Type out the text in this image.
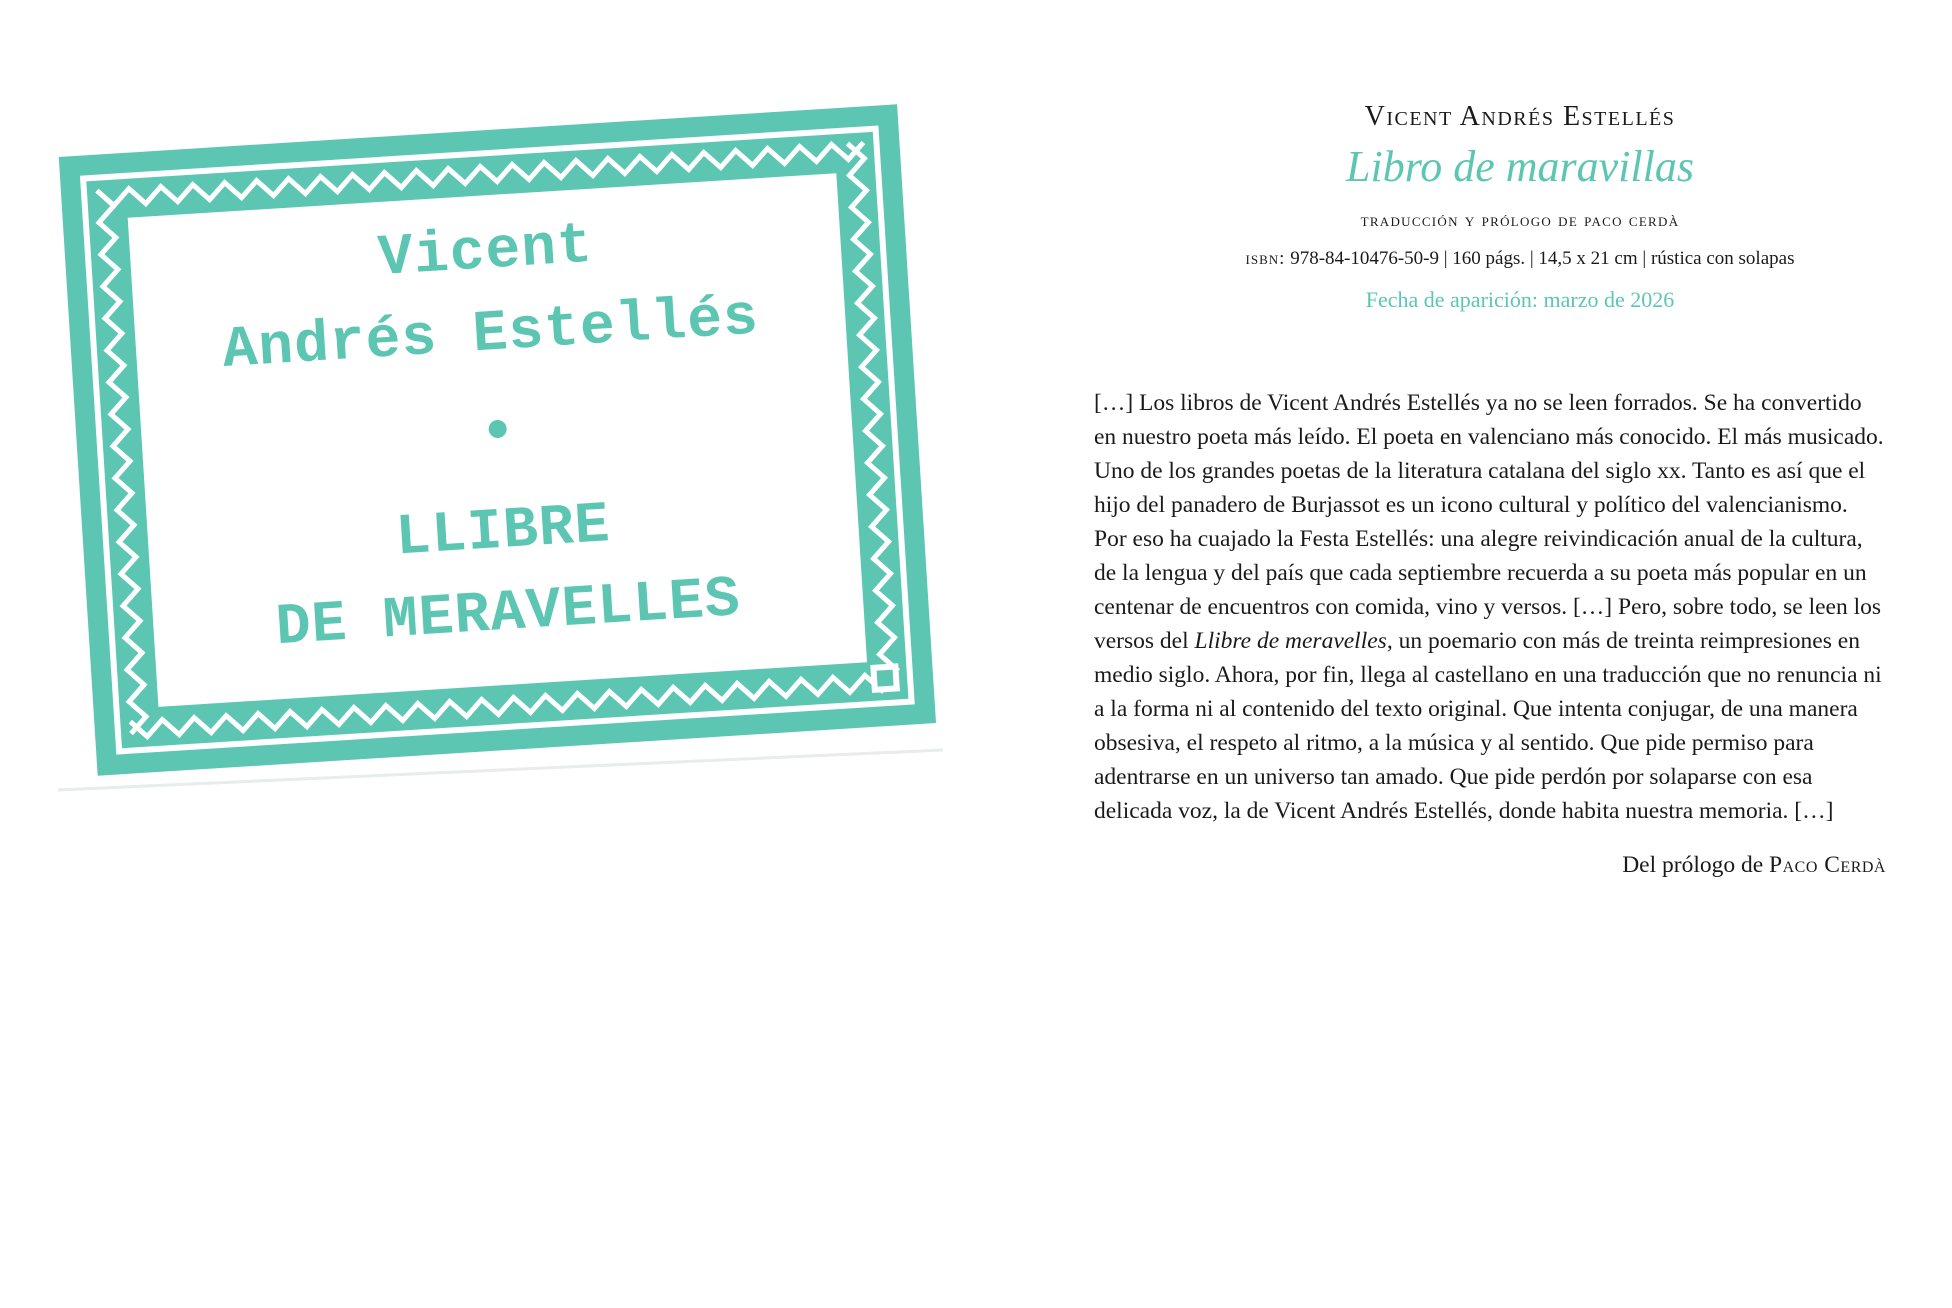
Vicent
Andrés Estellés
LLIBRE
DE MERAVELLES

Vicent Andrés Estellés

Libro de maravillas

traducción y prólogo de paco cerdà
isbn: 978-84-10476-50-9 | 160 págs. | 14,5 x 21 cm | rústica con solapas
Fecha de aparición: marzo de 2026
[…] Los libros de Vicent Andrés Estellés ya no se leen forrados. Se ha convertido en nuestro poeta más leído. El poeta en valenciano más conocido. El más musicado. Uno de los grandes poetas de la literatura catalana del siglo xx. Tanto es así que el hijo del panadero de Burjassot es un icono cultural y político del valencianismo. Por eso ha cuajado la Festa Estellés: una alegre reivindicación anual de la cultura, de la lengua y del país que cada septiembre recuerda a su poeta más popular en un centenar de encuentros con comida, vino y versos. […] Pero, sobre todo, se leen los versos del Llibre de meravelles, un poemario con más de treinta reimpresiones en medio siglo. Ahora, por fin, llega al castellano en una traducción que no renuncia ni a la forma ni al contenido del texto original. Que intenta conjugar, de una manera obsesiva, el respeto al ritmo, a la música y al sentido. Que pide permiso para adentrarse en un universo tan amado. Que pide perdón por solaparse con esa delicada voz, la de Vicent Andrés Estellés, donde habita nuestra memoria. […]
Del prólogo de Paco Cerdà
